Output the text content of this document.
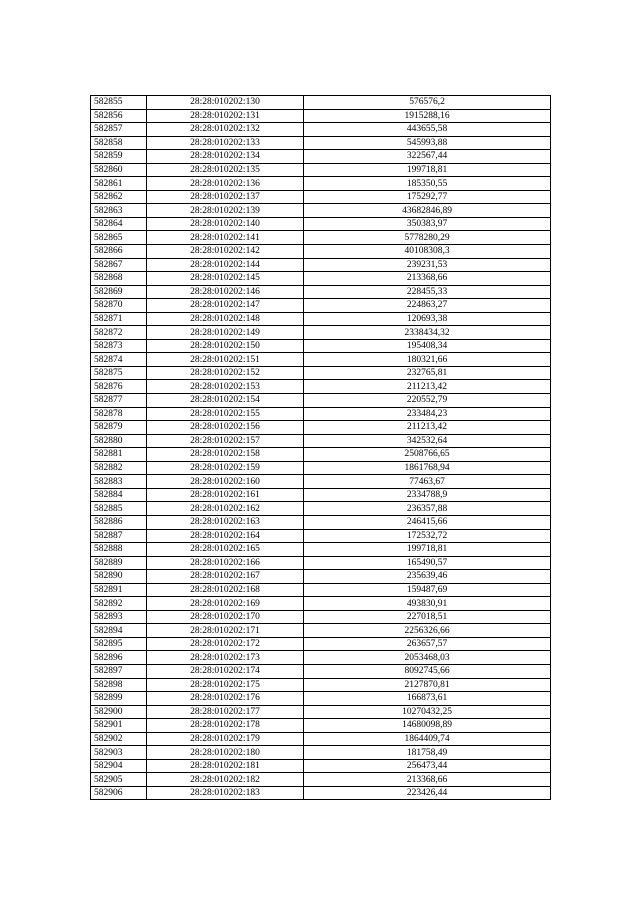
582855	28:28:010202:130	576576,2
582856	28:28:010202:131	1915288,16
582857	28:28:010202:132	443655,58
582858	28:28:010202:133	545993,88
582859	28:28:010202:134	322567,44
582860	28:28:010202:135	199718,81
582861	28:28:010202:136	185350,55
582862	28:28:010202:137	175292,77
582863	28:28:010202:139	43682846,89
582864	28:28:010202:140	350383,97
582865	28:28:010202:141	5778280,29
582866	28:28:010202:142	40108308,3
582867	28:28:010202:144	239231,53
582868	28:28:010202:145	213368,66
582869	28:28:010202:146	228455,33
582870	28:28:010202:147	224863,27
582871	28:28:010202:148	120693,38
582872	28:28:010202:149	2338434,32
582873	28:28:010202:150	195408,34
582874	28:28:010202:151	180321,66
582875	28:28:010202:152	232765,81
582876	28:28:010202:153	211213,42
582877	28:28:010202:154	220552,79
582878	28:28:010202:155	233484,23
582879	28:28:010202:156	211213,42
582880	28:28:010202:157	342532,64
582881	28:28:010202:158	2508766,65
582882	28:28:010202:159	1861768,94
582883	28:28:010202:160	77463,67
582884	28:28:010202:161	2334788,9
582885	28:28:010202:162	236357,88
582886	28:28:010202:163	246415,66
582887	28:28:010202:164	172532,72
582888	28:28:010202:165	199718,81
582889	28:28:010202:166	165490,57
582890	28:28:010202:167	235639,46
582891	28:28:010202:168	159487,69
582892	28:28:010202:169	493830,91
582893	28:28:010202:170	227018,51
582894	28:28:010202:171	2256326,66
582895	28:28:010202:172	263657,57
582896	28:28:010202:173	2053468,03
582897	28:28:010202:174	8092745,66
582898	28:28:010202:175	2127870,81
582899	28:28:010202:176	166873,61
582900	28:28:010202:177	10270432,25
582901	28:28:010202:178	14680098,89
582902	28:28:010202:179	1864409,74
582903	28:28:010202:180	181758,49
582904	28:28:010202:181	256473,44
582905	28:28:010202:182	213368,66
582906	28:28:010202:183	223426,44
